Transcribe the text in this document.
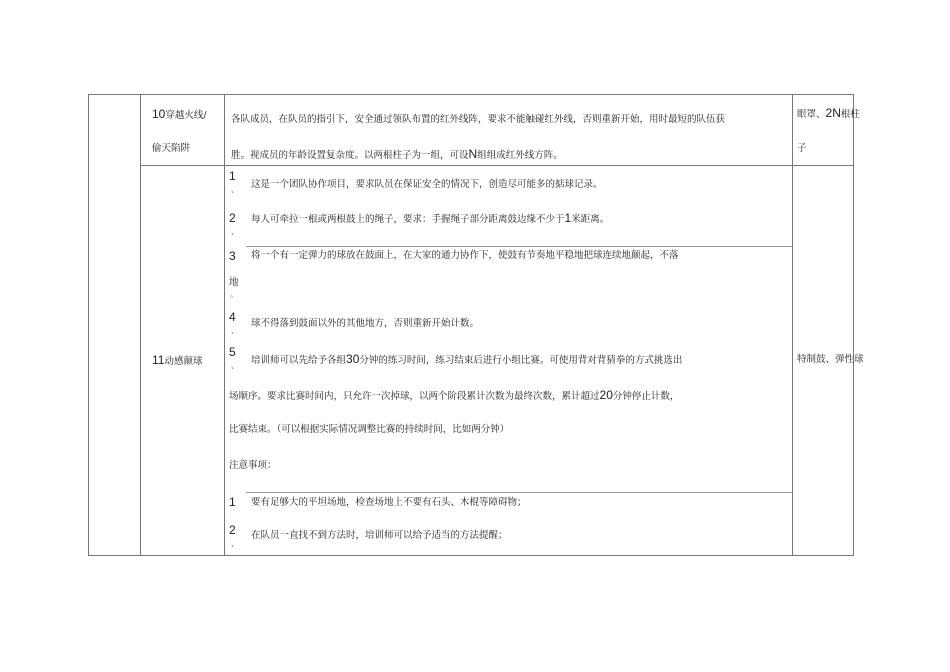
10穿越火线/
偷天陷阱
各队成员，在队员的指引下，安全通过领队布置的红外线阵，要求不能触碰红外线，否则重新开始，用时最短的队伍获
胜。视成员的年龄设置复杂度。以两根柱子为一组，可设N组组成红外线方阵。
眼罩、2N根柱
子
11动感颠球	特制鼓、弹性球
1
、 这是一个团队协作项目，要求队员在保证安全的情况下，创造尽可能多的掂球记录。
2
、
每人可牵拉一根或两根鼓上的绳子，要求：手握绳子部分距离鼓边缘不少于1米距离。
3 将一个有一定弹力的球放在鼓面上，在大家的通力协作下，使鼓有节奏地平稳地把球连续地颠起，不落
地
。
4
、
球不得落到鼓面以外的其他地方，否则重新开始计数。
5
、 培训师可以先给予各组30分钟的练习时间，练习结束后进行小组比赛。可使用背对背猜拳的方式挑选出
场顺序。要求比赛时间内，只允许一次掉球，以两个阶段累计次数为最终次数，累计超过20分钟停止计数，
比赛结束。（可以根据实际情况调整比赛的持续时间，比如两分钟）
注意事项：
1 要有足够大的平坦场地，检查场地上不要有石头、木棍等障碍物；
2
、
在队员一直找不到方法时，培训师可以给予适当的方法提醒；
